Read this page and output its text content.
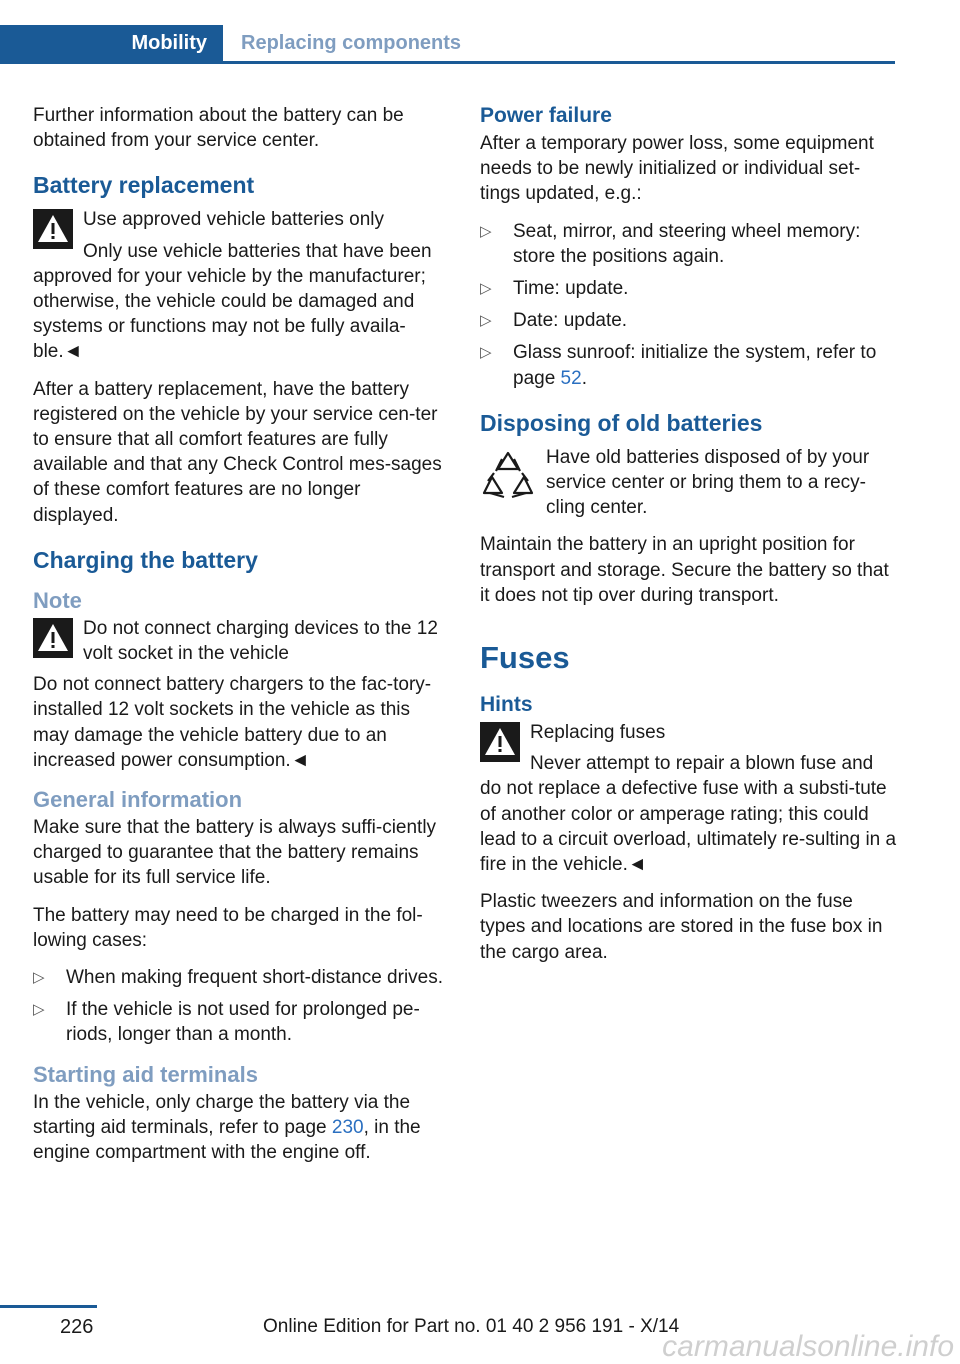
Mobility	Replacing components

Further information about the battery can be obtained from your service center.

Battery replacement
Use approved vehicle batteries only
Only use vehicle batteries that have been approved for your vehicle by the manufacturer; otherwise, the vehicle could be damaged and systems or functions may not be fully availa-ble.◄

After a battery replacement, have the battery registered on the vehicle by your service cen-ter to ensure that all comfort features are fully available and that any Check Control mes-sages of these comfort features are no longer displayed.

Charging the battery
Note
Do not connect charging devices to the 12 volt socket in the vehicle
Do not connect battery chargers to the fac-tory-installed 12 volt sockets in the vehicle as this may damage the vehicle battery due to an increased power consumption.◄
General information

Make sure that the battery is always suffi-ciently charged to guarantee that the battery remains usable for its full service life.

The battery may need to be charged in the fol-lowing cases:

▷ When making frequent short-distance drives.
▷ If the vehicle is not used for prolonged pe-riods, longer than a month.
Starting aid terminals

In the vehicle, only charge the battery via the starting aid terminals, refer to page 230, in the engine compartment with the engine off.

Power failure

After a temporary power loss, some equipment needs to be newly initialized or individual set-tings updated, e.g.:

▷ Seat, mirror, and steering wheel memory: store the positions again.
▷ Time: update.
▷ Date: update.
▷ Glass sunroof: initialize the system, refer to page 52.
Disposing of old batteries
Have old batteries disposed of by your service center or bring them to a recy-cling center.

Maintain the battery in an upright position for transport and storage. Secure the battery so that it does not tip over during transport.

Fuses
Hints
Replacing fuses
Never attempt to repair a blown fuse and do not replace a defective fuse with a substi-tute of another color or amperage rating; this could lead to a circuit overload, ultimately re-sulting in a fire in the vehicle.◄

Plastic tweezers and information on the fuse types and locations are stored in the fuse box in the cargo area.

226	Online Edition for Part no. 01 40 2 956 191 - X/14
carmanualsonline.info
